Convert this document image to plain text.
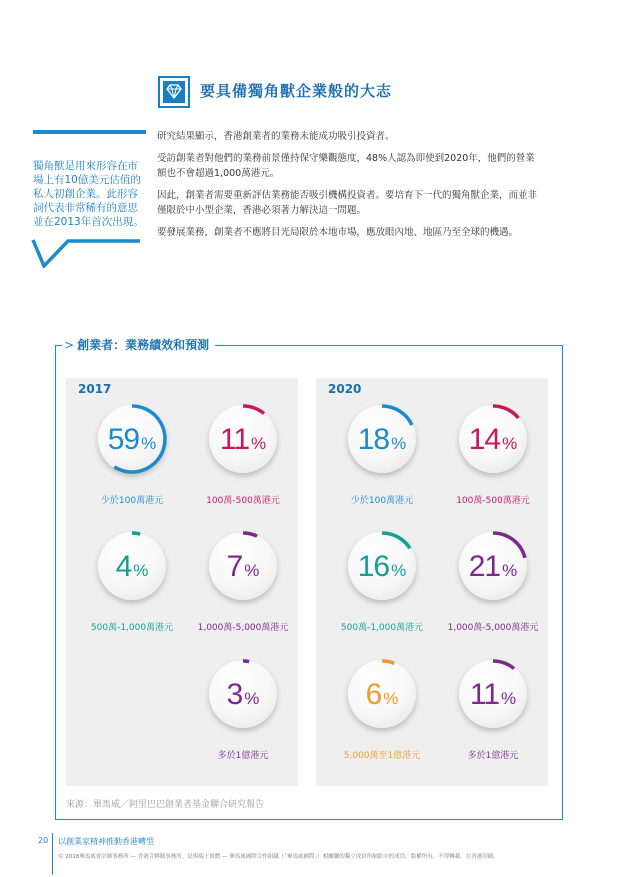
要具備獨角獸企業般的大志
獨角獸是用來形容在市
場上有10億美元估值的
私人初創企業。此形容
詞代表非常稀有的意思
並在2013年首次出現。

研究結果顯示，香港創業者的業務未能成功吸引投資者。

受訪創業者對他們的業務前景僅持保守樂觀態度，48%人認為即使到2020年，他們的營業
額也不會超過1,000萬港元。

因此，創業者需要重新評估業務能否吸引機構投資者。要培育下一代的獨角獸企業，而並非
僅限於中小型企業，香港必須著力解決這一問題。

要發展業務，創業者不應將目光局限於本地市場，應放眼內地、地區乃至全球的機遇。

> 創業者：業務績效和預測
2017	2020
59 %
少於100萬港元
11 %
100萬-500萬港元
4 %
500萬-1,000萬港元
7 %
1,000萬-5,000萬港元
3 %
多於1億港元
18 %
少於100萬港元
14 %
100萬-500萬港元
16 %
500萬-1,000萬港元
21 %
1,000萬-5,000萬港元
6 %
5,000萬至1億港元
11 %
多於1億港元
來源：畢馬威／阿里巴巴創業者基金聯合研究報告
20 以創業家精神推動香港轉型
© 2018畢馬威會計師事務所 — 香港合夥制事務所，是與瑞士實體 — 畢馬威國際合作組織（「畢馬威國際」）相關聯的獨立成員所網絡中的成員。版權所有，不得轉載。在香港印刷。
